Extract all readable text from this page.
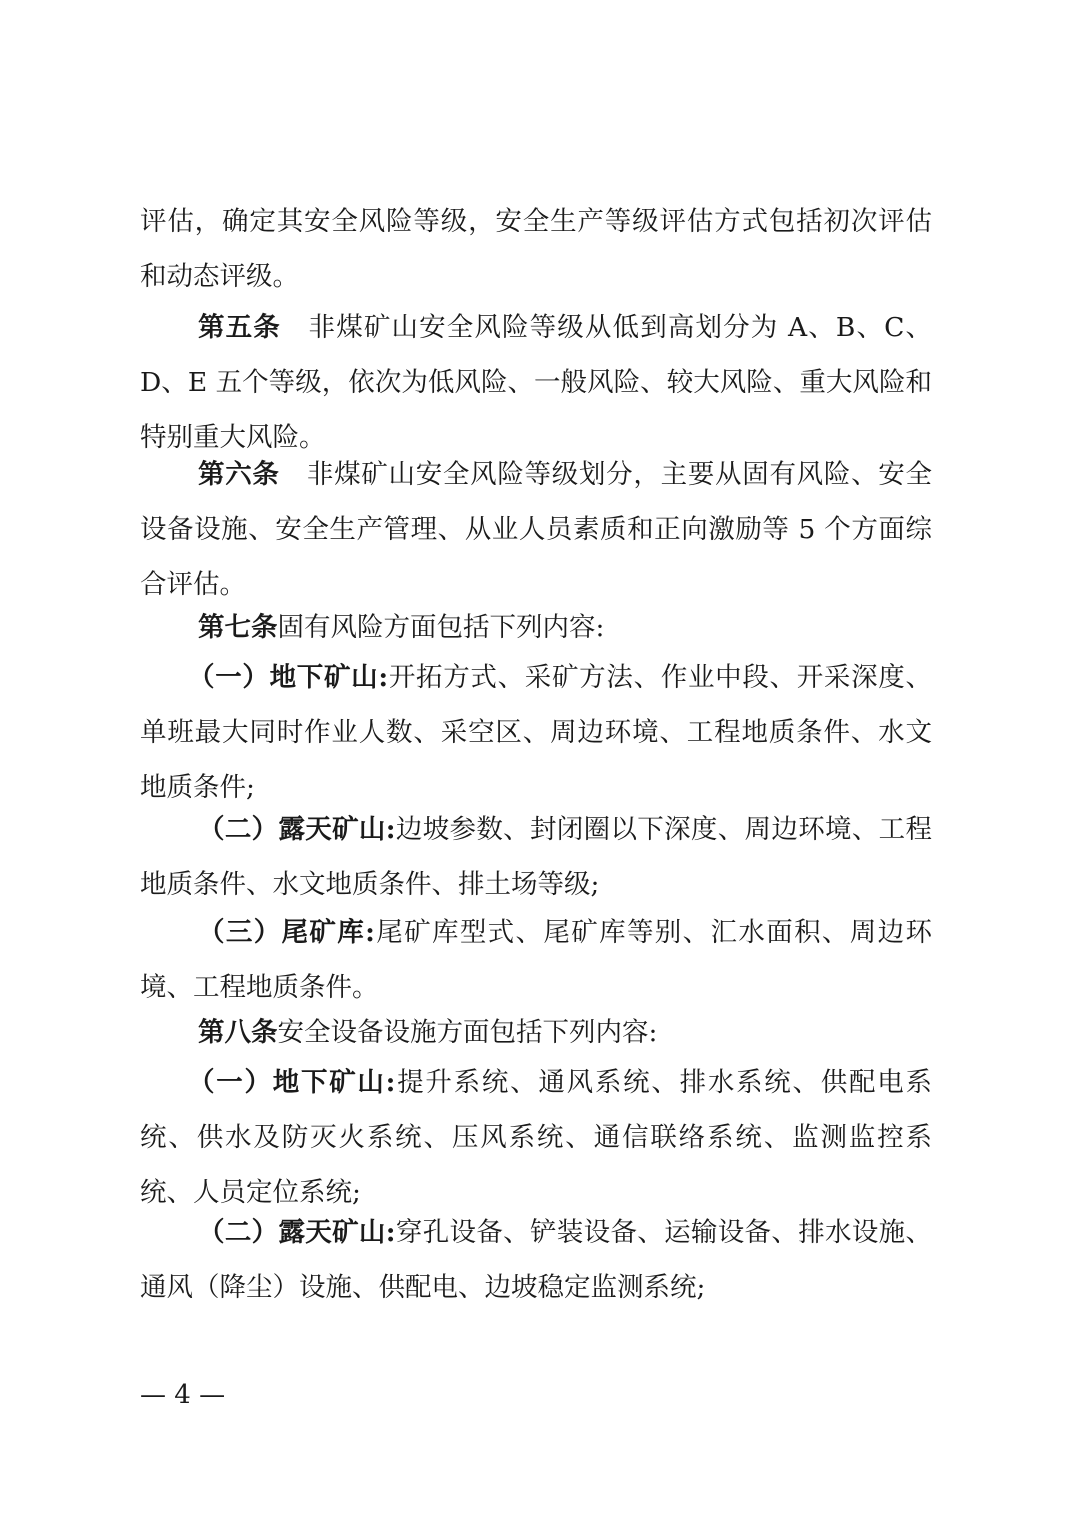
评估，确定其安全风险等级，安全生产等级评估方式包括初次评估和动态评级。

第五条　非煤矿山安全风险等级从低到高划分为 A、B、C、D、E 五个等级，依次为低风险、一般风险、较大风险、重大风险和特别重大风险。

第六条　非煤矿山安全风险等级划分，主要从固有风险、安全设备设施、安全生产管理、从业人员素质和正向激励等 5 个方面综合评估。

第七条固有风险方面包括下列内容:

（一）地下矿山:开拓方式、采矿方法、作业中段、开采深度、单班最大同时作业人数、采空区、周边环境、工程地质条件、水文地质条件;

（二）露天矿山:边坡参数、封闭圈以下深度、周边环境、工程地质条件、水文地质条件、排土场等级;

（三）尾矿库:尾矿库型式、尾矿库等别、汇水面积、周边环境、工程地质条件。

第八条安全设备设施方面包括下列内容:

（一）地下矿山:提升系统、通风系统、排水系统、供配电系统、供水及防灭火系统、压风系统、通信联络系统、监测监控系统、人员定位系统;

（二）露天矿山:穿孔设备、铲装设备、运输设备、排水设施、通风（降尘）设施、供配电、边坡稳定监测系统;

— 4 —
